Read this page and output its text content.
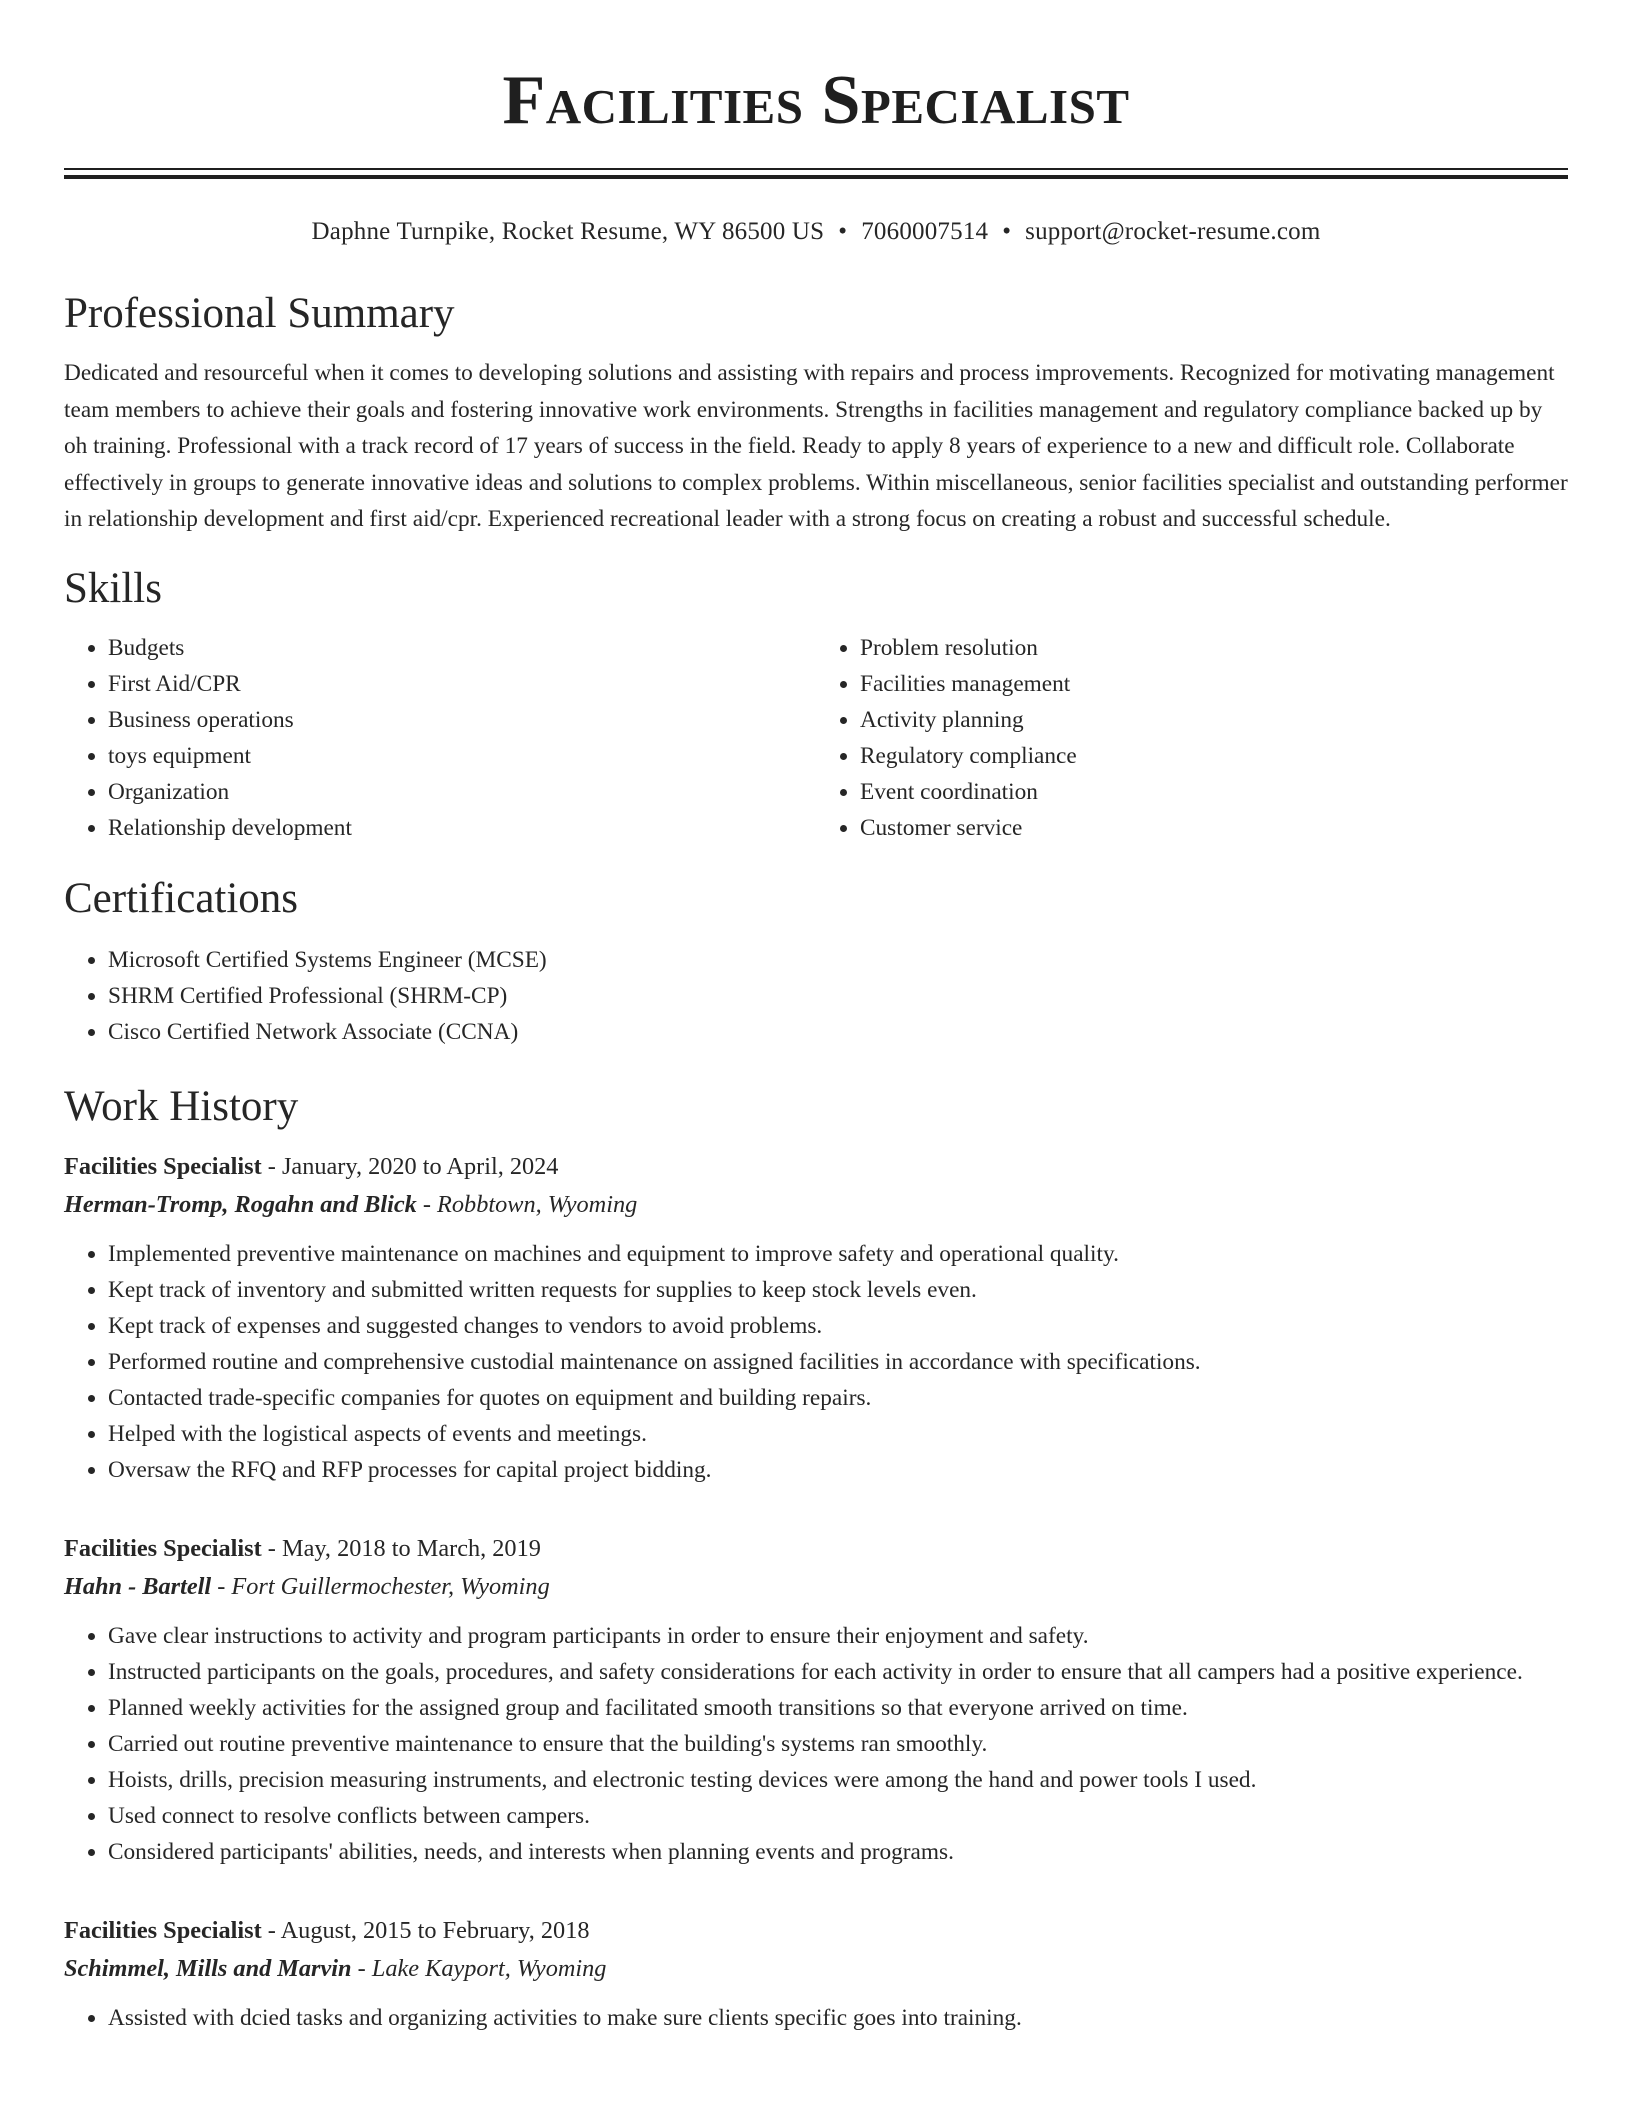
Facilities Specialist
Daphne Turnpike, Rocket Resume, WY 86500 US • 7060007514 • support@rocket-resume.com
Professional Summary

Dedicated and resourceful when it comes to developing solutions and assisting with repairs and process improvements. Recognized for motivating management team members to achieve their goals and fostering innovative work environments. Strengths in facilities management and regulatory compliance backed up by oh training. Professional with a track record of 17 years of success in the field. Ready to apply 8 years of experience to a new and difficult role. Collaborate effectively in groups to generate innovative ideas and solutions to complex problems. Within miscellaneous, senior facilities specialist and outstanding performer in relationship development and first aid/cpr. Experienced recreational leader with a strong focus on creating a robust and successful schedule.

Skills
• Budgets
• First Aid/CPR
• Business operations
• toys equipment
• Organization
• Relationship development
• Problem resolution
• Facilities management
• Activity planning
• Regulatory compliance
• Event coordination
• Customer service
Certifications
• Microsoft Certified Systems Engineer (MCSE)
• SHRM Certified Professional (SHRM-CP)
• Cisco Certified Network Associate (CCNA)
Work History
Facilities Specialist - January, 2020 to April, 2024
Herman-Tromp, Rogahn and Blick - Robbtown, Wyoming
• Implemented preventive maintenance on machines and equipment to improve safety and operational quality.
• Kept track of inventory and submitted written requests for supplies to keep stock levels even.
• Kept track of expenses and suggested changes to vendors to avoid problems.
• Performed routine and comprehensive custodial maintenance on assigned facilities in accordance with specifications.
• Contacted trade-specific companies for quotes on equipment and building repairs.
• Helped with the logistical aspects of events and meetings.
• Oversaw the RFQ and RFP processes for capital project bidding.
Facilities Specialist - May, 2018 to March, 2019
Hahn - Bartell - Fort Guillermochester, Wyoming
• Gave clear instructions to activity and program participants in order to ensure their enjoyment and safety.
• Instructed participants on the goals, procedures, and safety considerations for each activity in order to ensure that all campers had a positive experience.
• Planned weekly activities for the assigned group and facilitated smooth transitions so that everyone arrived on time.
• Carried out routine preventive maintenance to ensure that the building's systems ran smoothly.
• Hoists, drills, precision measuring instruments, and electronic testing devices were among the hand and power tools I used.
• Used connect to resolve conflicts between campers.
• Considered participants' abilities, needs, and interests when planning events and programs.
Facilities Specialist - August, 2015 to February, 2018
Schimmel, Mills and Marvin - Lake Kayport, Wyoming
• Assisted with dcied tasks and organizing activities to make sure clients specific goes into training.
